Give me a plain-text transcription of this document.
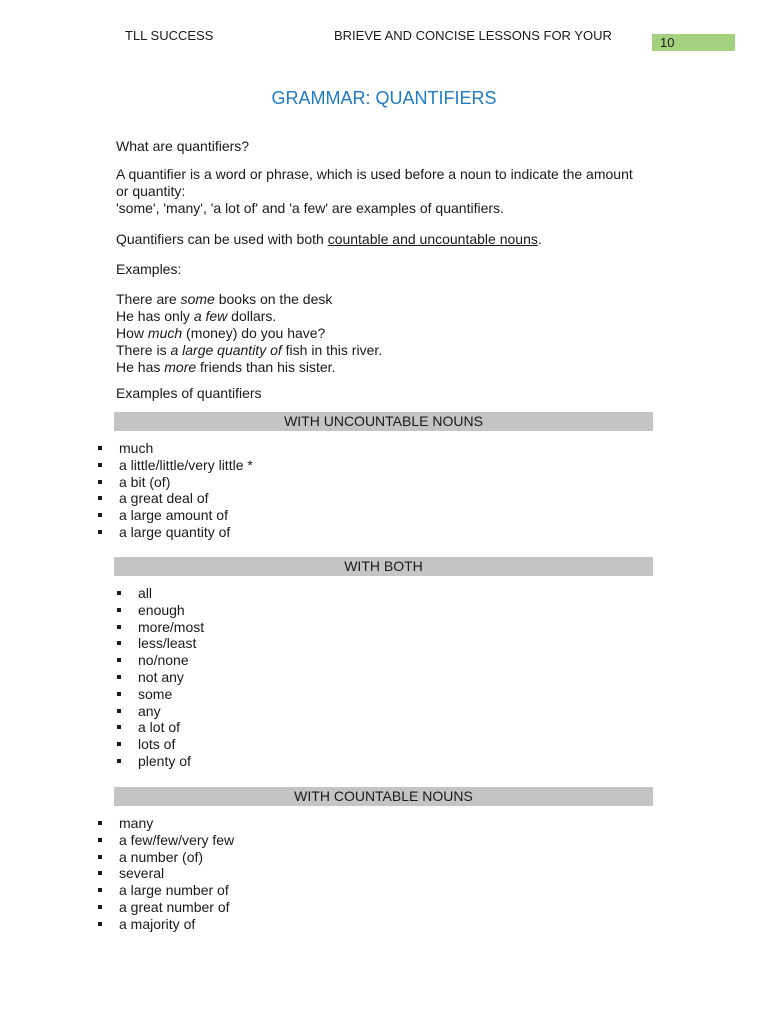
TLL SUCCESS	BRIEVE AND CONCISE LESSONS FOR YOUR	10
GRAMMAR: QUANTIFIERS

What are quantifiers?

A quantifier is a word or phrase, which is used before a noun to indicate the amount

or quantity:

'some', 'many', 'a lot of' and 'a few' are examples of quantifiers.

Quantifiers can be used with both countable and uncountable nouns.

Examples:

There are some books on the desk

He has only a few dollars.

How much (money) do you have?

There is a large quantity of fish in this river.

He has more friends than his sister.

Examples of quantifiers

WITH UNCOUNTABLE NOUNS
much
a little/little/very little *
a bit (of)
a great deal of
a large amount of
a large quantity of
WITH BOTH
all
enough
more/most
less/least
no/none
not any
some
any
a lot of
lots of
plenty of
WITH COUNTABLE NOUNS
many
a few/few/very few
a number (of)
several
a large number of
a great number of
a majority of
